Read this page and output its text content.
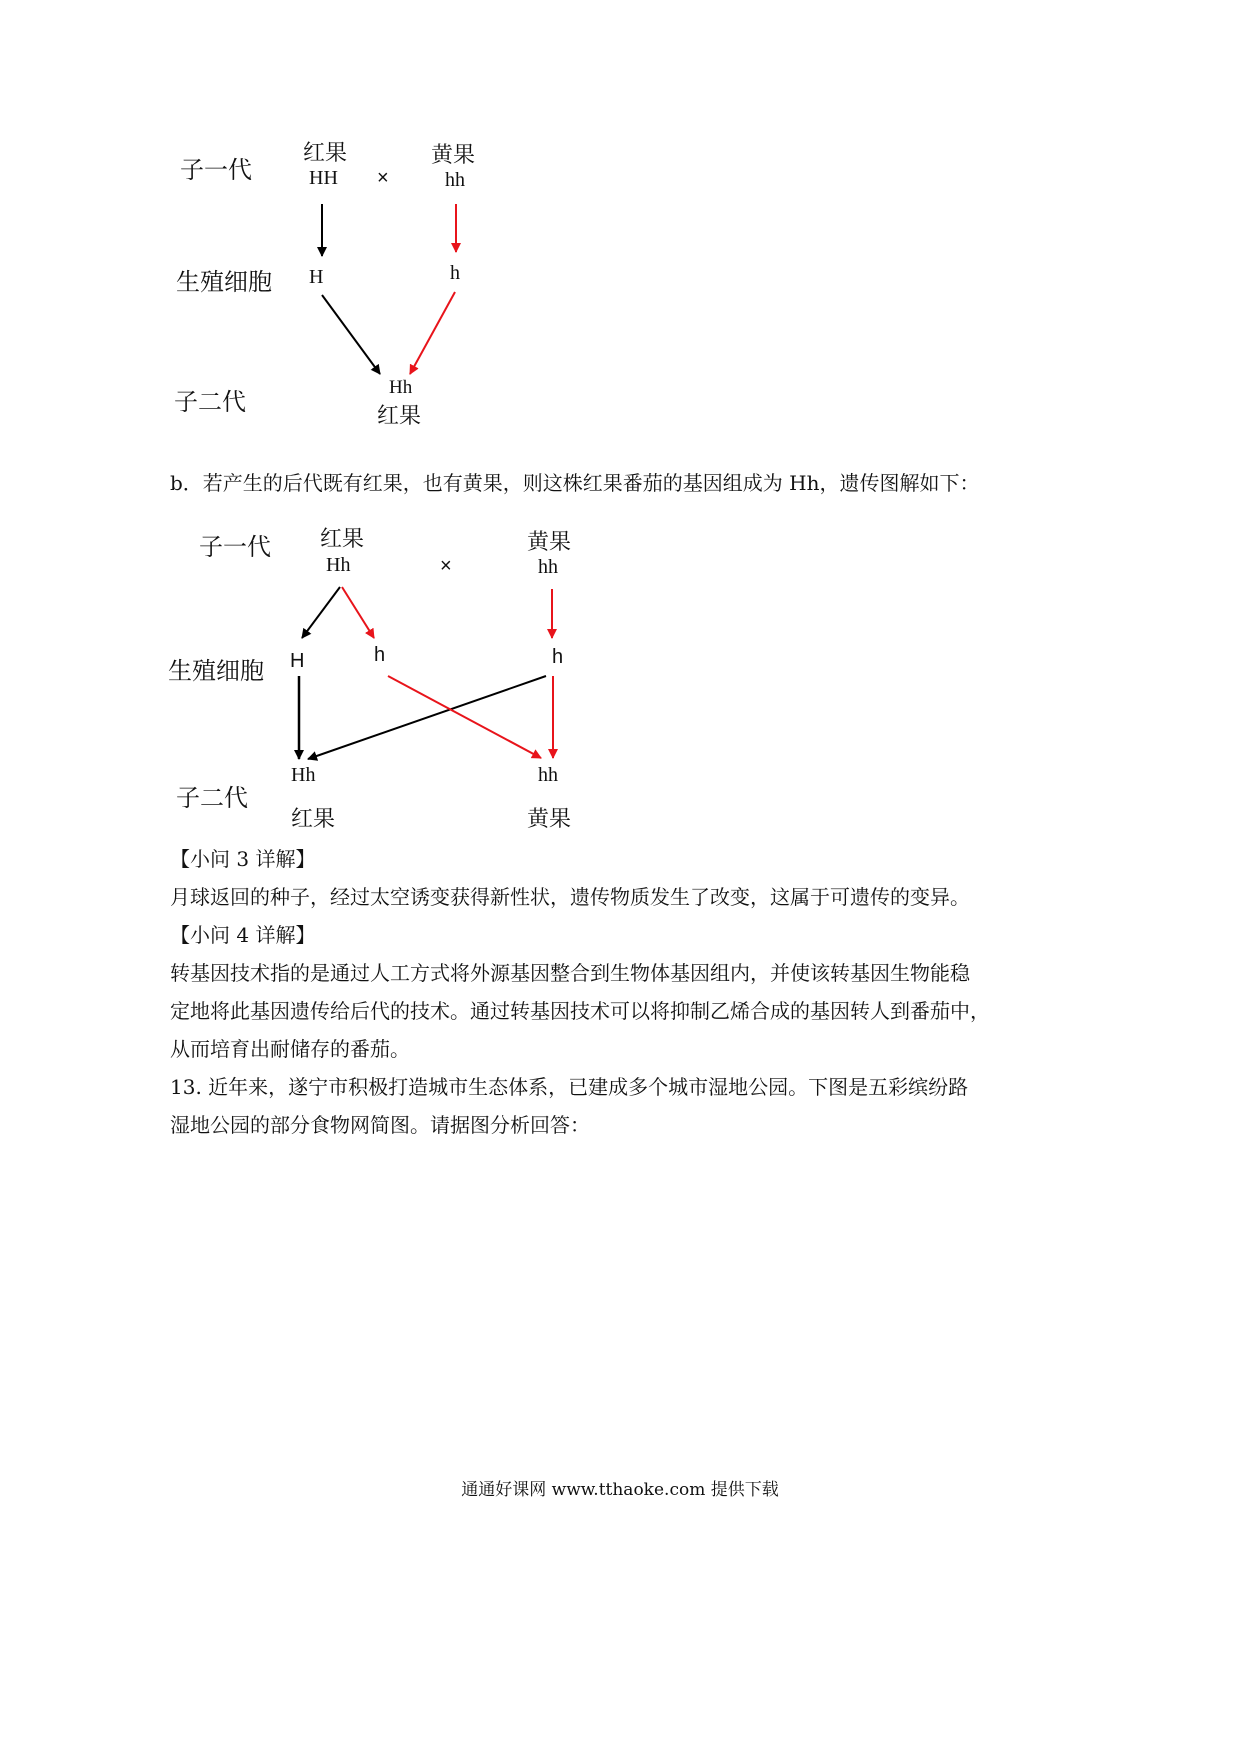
子一代
生殖细胞
子二代
红果
HH ×
黄果
hh
H	h
Hh
红果
b．若产生的后代既有红果，也有黄果，则这株红果番茄的基因组成为 Hh，遗传图解如下：
子一代
生殖细胞
子二代
红果
Hh	×
黄果
hh
H	h	h
Hh
红果
hh
黄果
【小问 3 详解】
月球返回的种子，经过太空诱变获得新性状，遗传物质发生了改变，这属于可遗传的变异。
【小问 4 详解】
转基因技术指的是通过人工方式将外源基因整合到生物体基因组内，并使该转基因生物能稳
定地将此基因遗传给后代的技术。通过转基因技术可以将抑制乙烯合成的基因转人到番茄中，
从而培育出耐储存的番茄。
13. 近年来，遂宁市积极打造城市生态体系，已建成多个城市湿地公园。下图是五彩缤纷路
湿地公园的部分食物网简图。请据图分析回答：
通通好课网 www.tthaoke.com 提供下载
